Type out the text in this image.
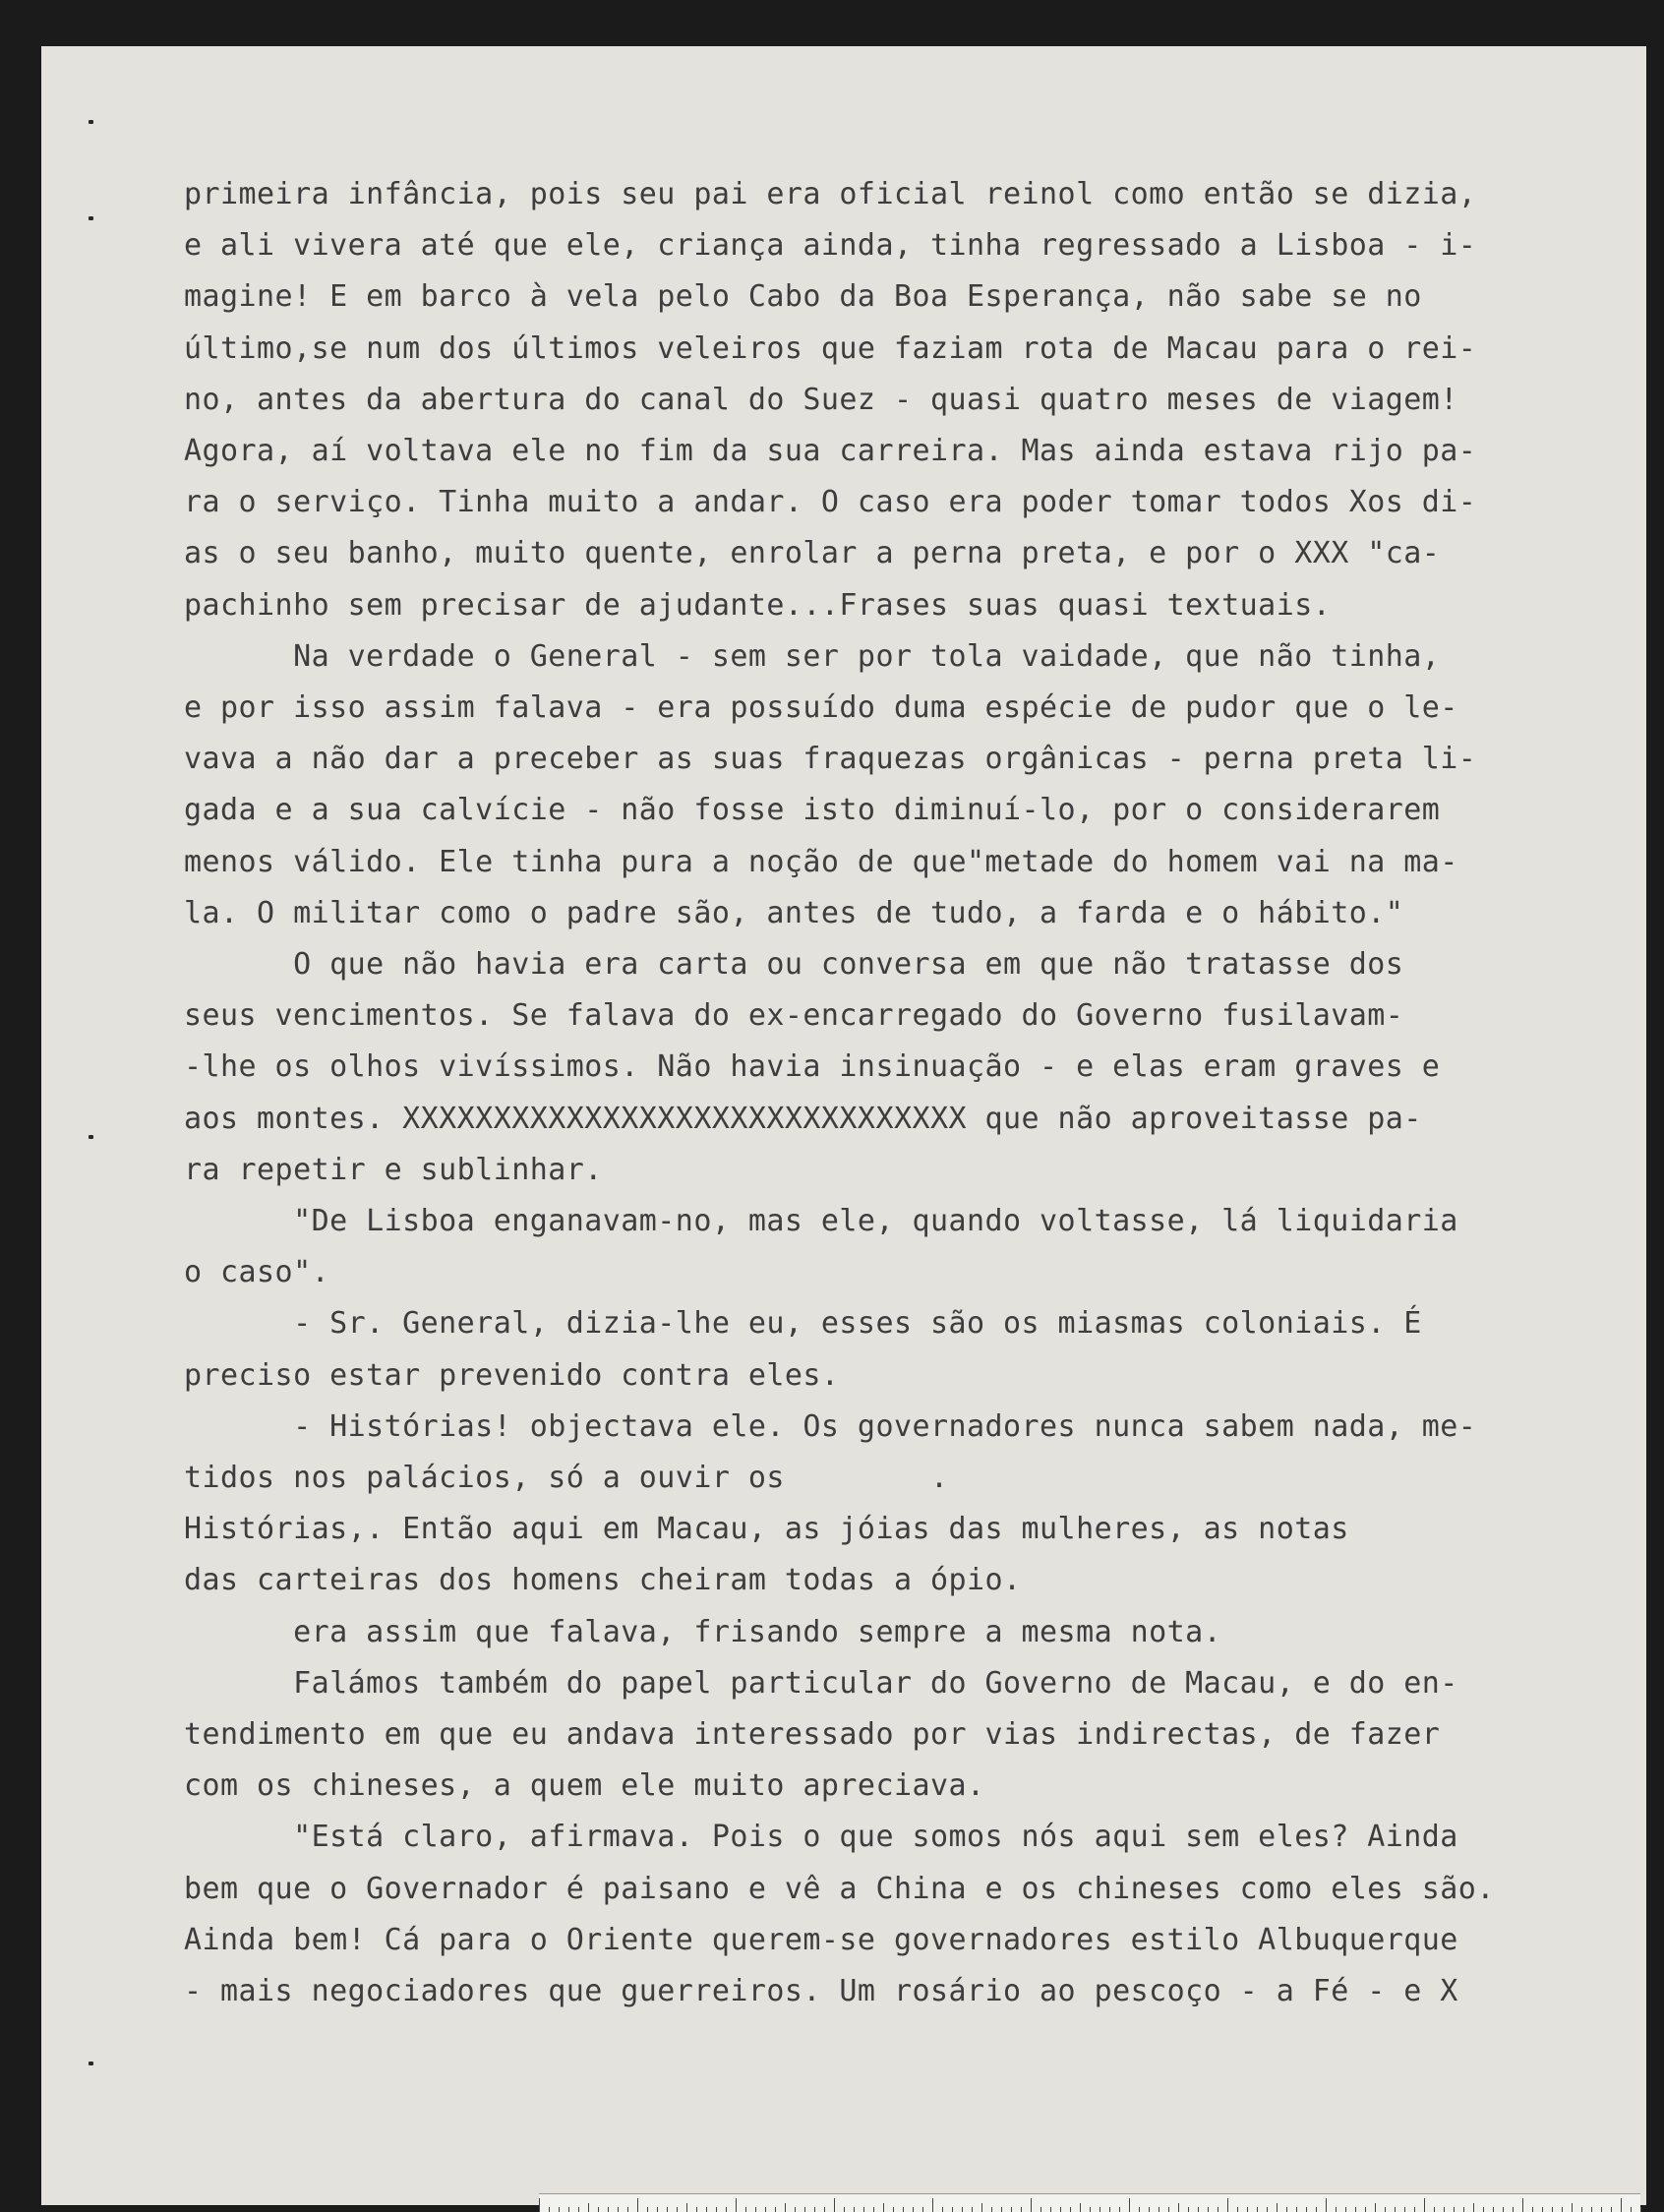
primeira infância, pois seu pai era oficial reinol como então se dizia,
e ali vivera até que ele, criança ainda, tinha regressado a Lisboa - i-
magine! E em barco à vela pelo Cabo da Boa Esperança, não sabe se no
último,se num dos últimos veleiros que faziam rota de Macau para o rei-
no, antes da abertura do canal do Suez - quasi quatro meses de viagem!
Agora, aí voltava ele no fim da sua carreira. Mas ainda estava rijo pa-
ra o serviço. Tinha muito a andar. O caso era poder tomar todos Xos di-
as o seu banho, muito quente, enrolar a perna preta, e por o XXX "ca-
pachinho sem precisar de ajudante...Frases suas quasi textuais.
Na verdade o General - sem ser por tola vaidade, que não tinha,
e por isso assim falava - era possuído duma espécie de pudor que o le-
vava a não dar a preceber as suas fraquezas orgânicas - perna preta li-
gada e a sua calvície - não fosse isto diminuí-lo, por o considerarem
menos válido. Ele tinha pura a noção de que"metade do homem vai na ma-
la. O militar como o padre são, antes de tudo, a farda e o hábito."
O que não havia era carta ou conversa em que não tratasse dos
seus vencimentos. Se falava do ex-encarregado do Governo fusilavam-
-lhe os olhos vivíssimos. Não havia insinuação - e elas eram graves e
aos montes. XXXXXXXXXXXXXXXXXXXXXXXXXXXXXXX que não aproveitasse pa-
ra repetir e sublinhar.
"De Lisboa enganavam-no, mas ele, quando voltasse, lá liquidaria
o caso".
- Sr. General, dizia-lhe eu, esses são os miasmas coloniais. É
preciso estar prevenido contra eles.
- Histórias! objectava ele. Os governadores nunca sabem nada, me-
tidos nos palácios, só a ouvir os        .
Histórias,. Então aqui em Macau, as jóias das mulheres, as notas
das carteiras dos homens cheiram todas a ópio.
era assim que falava, frisando sempre a mesma nota.
Falámos também do papel particular do Governo de Macau, e do en-
tendimento em que eu andava interessado por vias indirectas, de fazer
com os chineses, a quem ele muito apreciava.
"Está claro, afirmava. Pois o que somos nós aqui sem eles? Ainda
bem que o Governador é paisano e vê a China e os chineses como eles são.
Ainda bem! Cá para o Oriente querem-se governadores estilo Albuquerque
- mais negociadores que guerreiros. Um rosário ao pescoço - a Fé - e X
